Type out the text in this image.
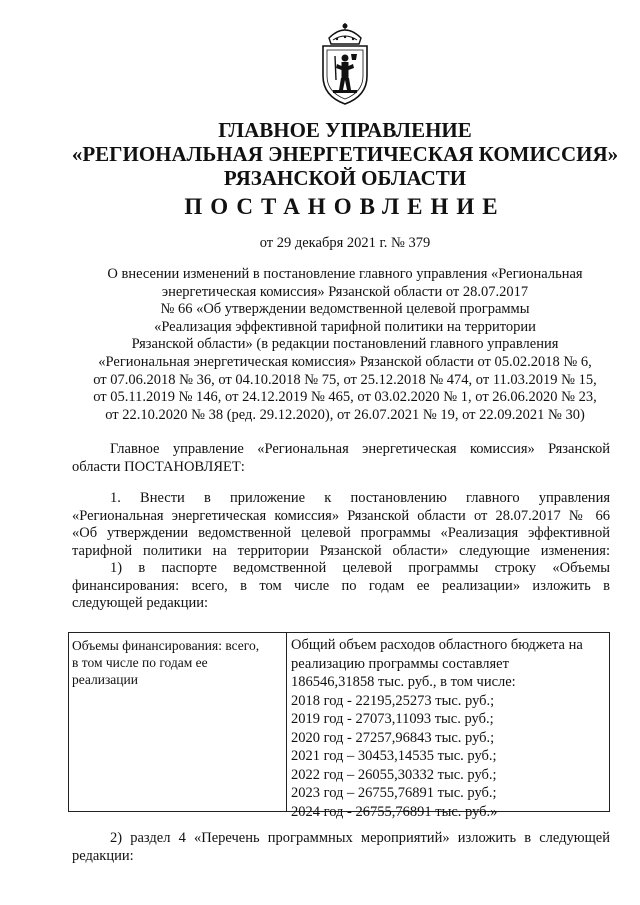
ГЛАВНОЕ УПРАВЛЕНИЕ
«РЕГИОНАЛЬНАЯ ЭНЕРГЕТИЧЕСКАЯ КОМИССИЯ»
РЯЗАНСКОЙ ОБЛАСТИ
ПОСТАНОВЛЕНИЕ
от 29 декабря 2021 г. № 379
О внесении изменений в постановление главного управления «Региональная
энергетическая комиссия» Рязанской области от 28.07.2017
№ 66 «Об утверждении ведомственной целевой программы
«Реализация эффективной тарифной политики на территории
Рязанской области» (в редакции постановлений главного управления
«Региональная энергетическая комиссия» Рязанской области от 05.02.2018 № 6,
от 07.06.2018 № 36, от 04.10.2018 № 75, от 25.12.2018 № 474, от 11.03.2019 № 15,
от 05.11.2019 № 146, от 24.12.2019 № 465, от 03.02.2020 № 1, от 26.06.2020 № 23,
от 22.10.2020 № 38 (ред. 29.12.2020), от 26.07.2021 № 19, от 22.09.2021 № 30)
Главное управление «Региональная энергетическая комиссия» Рязанской
области ПОСТАНОВЛЯЕТ:
1. Внести в приложение к постановлению главного управления
«Региональная энергетическая комиссия» Рязанской области от 28.07.2017 № 66
«Об утверждении ведомственной целевой программы «Реализация эффективной
тарифной политики на территории Рязанской области» следующие изменения:
1) в паспорте ведомственной целевой программы строку «Объемы
финансирования: всего, в том числе по годам ее реализации» изложить в
следующей редакции:
Объемы финансирования: всего,
в том числе по годам ее
реализации
Общий объем расходов областного бюджета на
реализацию программы составляет
186546,31858 тыс. руб., в том числе:
2018 год - 22195,25273 тыс. руб.;
2019 год - 27073,11093 тыс. руб.;
2020 год - 27257,96843 тыс. руб.;
2021 год – 30453,14535 тыс. руб.;
2022 год – 26055,30332 тыс. руб.;
2023 год – 26755,76891 тыс. руб.;
2024 год - 26755,76891 тыс. руб.»
2) раздел 4 «Перечень программных мероприятий» изложить в следующей
редакции:
